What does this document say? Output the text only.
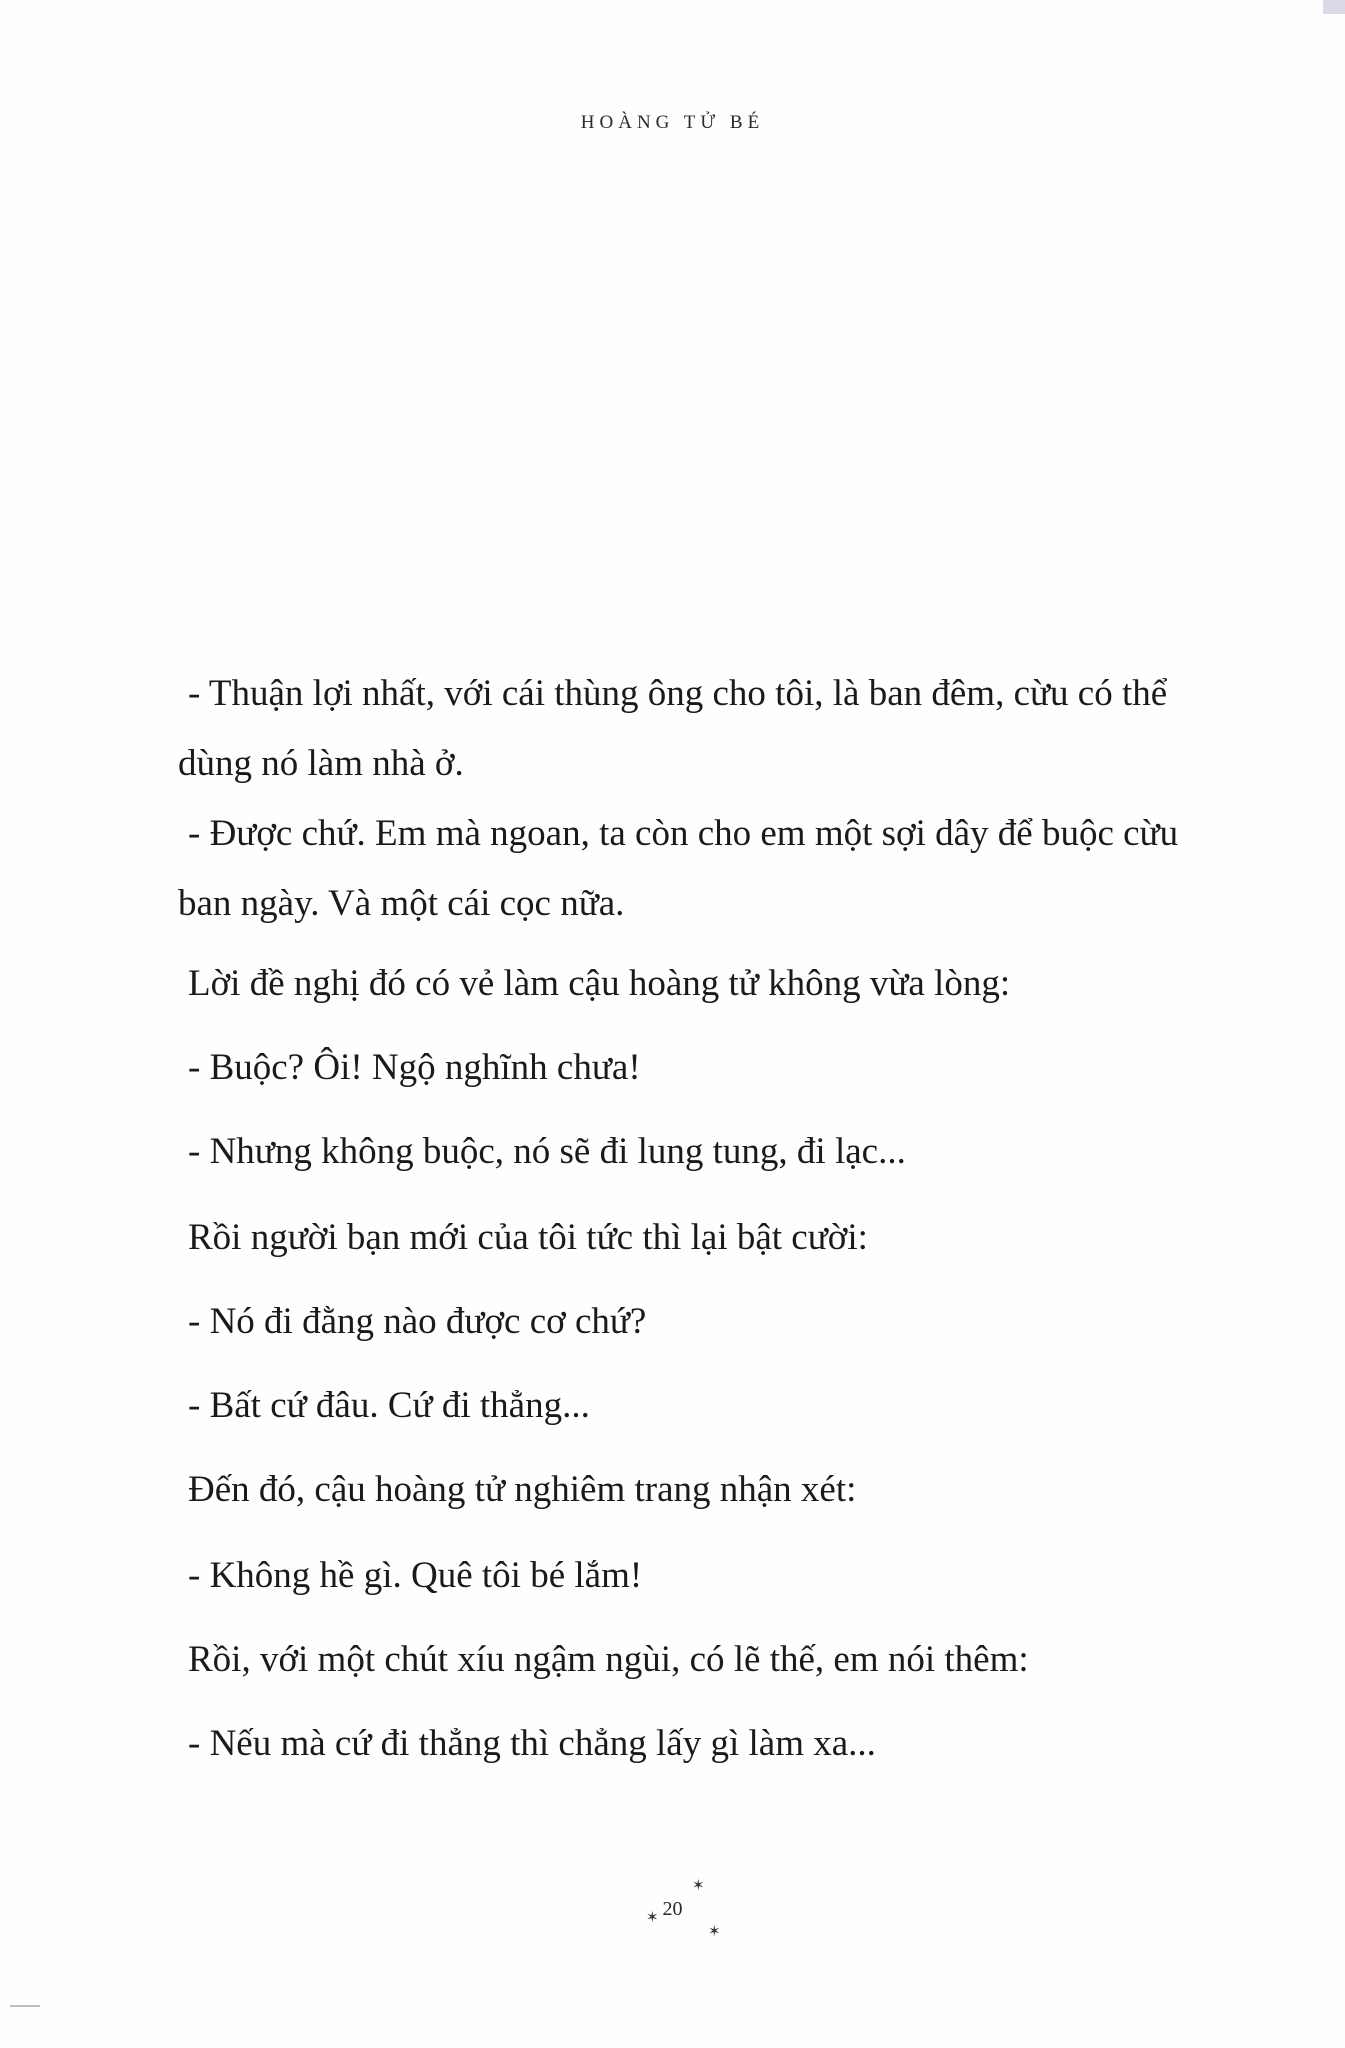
HOÀNG TỬ BÉ
- Thuận lợi nhất, với cái thùng ông cho tôi, là ban đêm, cừu có thể
dùng nó làm nhà ở.
- Được chứ. Em mà ngoan, ta còn cho em một sợi dây để buộc cừu
ban ngày. Và một cái cọc nữa.
Lời đề nghị đó có vẻ làm cậu hoàng tử không vừa lòng:
- Buộc? Ôi! Ngộ nghĩnh chưa!
- Nhưng không buộc, nó sẽ đi lung tung, đi lạc...
Rồi người bạn mới của tôi tức thì lại bật cười:
- Nó đi đằng nào được cơ chứ?
- Bất cứ đâu. Cứ đi thẳng...
Đến đó, cậu hoàng tử nghiêm trang nhận xét:
- Không hề gì. Quê tôi bé lắm!
Rồi, với một chút xíu ngậm ngùi, có lẽ thế, em nói thêm:
- Nếu mà cứ đi thẳng thì chẳng lấy gì làm xa...
✶
✶
✶
20
